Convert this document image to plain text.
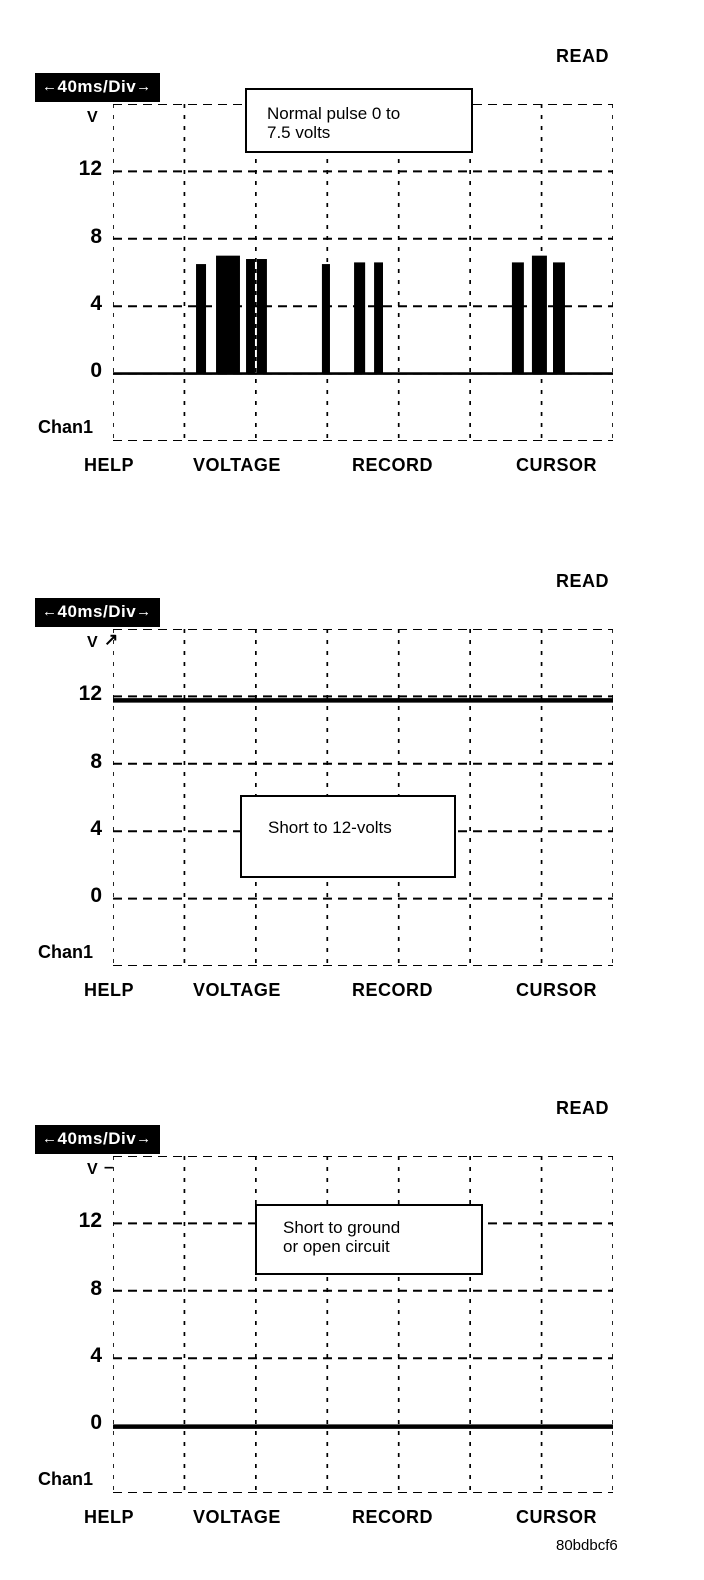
READ
←40ms/Div→
V
12
8
4
0
Normal pulse 0 to
7.5 volts
Chan1
HELP	VOLTAGE	RECORD	CURSOR
READ
←40ms/Div→
V ↗
12
8
4
0
Short to 12-volts
Chan1
HELP	VOLTAGE	RECORD	CURSOR
READ
←40ms/Div→
V –
12
8
4
0
Short to ground
or open circuit
Chan1
HELP	VOLTAGE	RECORD	CURSOR
80bdbcf6
